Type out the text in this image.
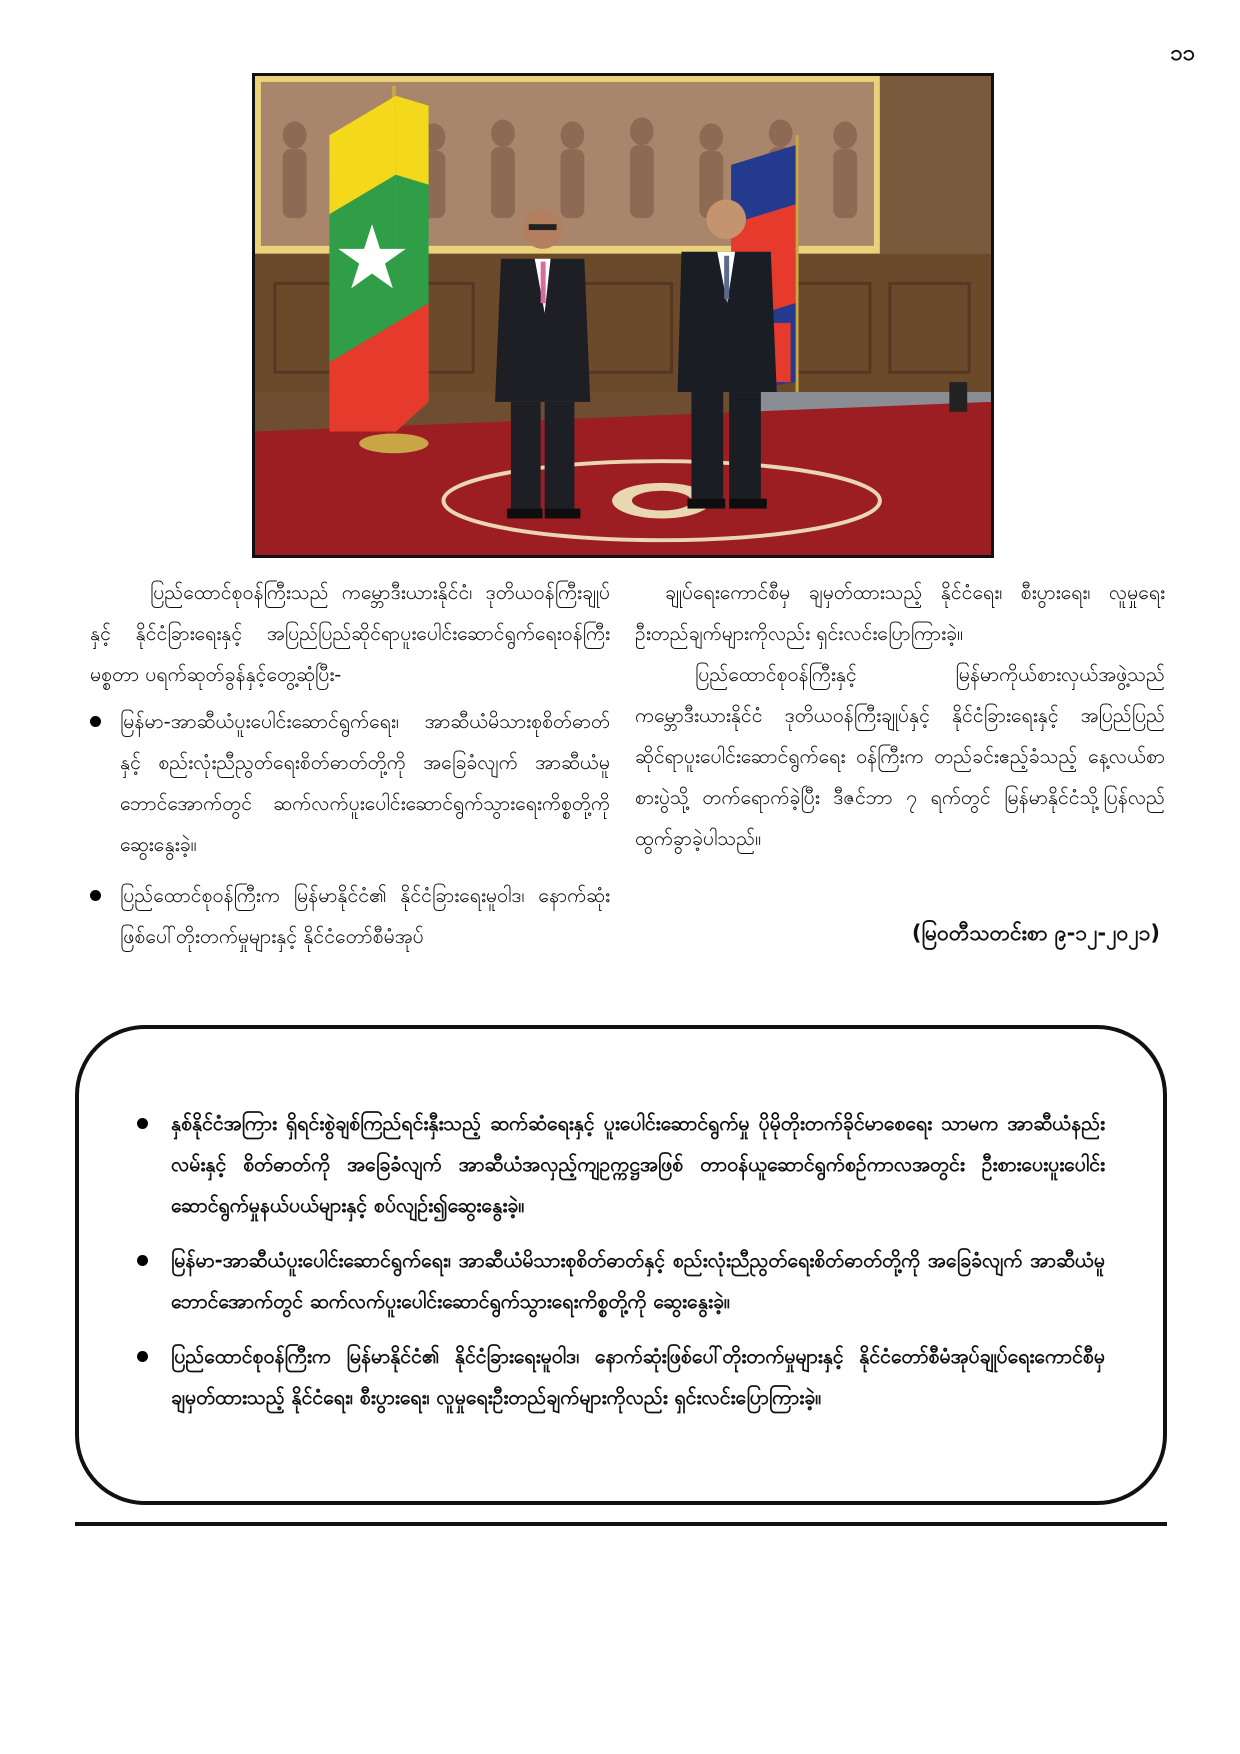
၁၁

ပြည်ထောင်စုဝန်ကြီးသည် ကမ္ဘောဒီးယားနိုင်ငံ၊ ဒုတိယဝန်ကြီးချုပ်နှင့် နိုင်ငံခြားရေးနှင့် အပြည်ပြည်ဆိုင်ရာပူးပေါင်းဆောင်ရွက်ရေးဝန်ကြီး မစ္စတာ ပရက်ဆုတ်ခွန်နှင့်တွေ့ဆုံပြီး-

မြန်မာ-အာဆီယံပူးပေါင်းဆောင်ရွက်ရေး၊ အာဆီယံမိသားစုစိတ်ဓာတ်နှင့် စည်းလုံးညီညွတ်ရေးစိတ်ဓာတ်တို့ကို အခြေခံလျက် အာဆီယံမူဘောင်အောက်တွင် ဆက်လက်ပူးပေါင်းဆောင်ရွက်သွားရေးကိစ္စတို့ကို ဆွေးနွေးခဲ့။
ပြည်ထောင်စုဝန်ကြီးက မြန်မာနိုင်ငံ၏ နိုင်ငံခြားရေးမူဝါဒ၊ နောက်ဆုံးဖြစ်ပေါ်တိုးတက်မှုများနှင့် နိုင်ငံတော်စီမံအုပ်

ချုပ်ရေးကောင်စီမှ ချမှတ်ထားသည့် နိုင်ငံရေး၊ စီးပွားရေး၊ လူမှုရေးဦးတည်ချက်များကိုလည်း ရှင်းလင်းပြောကြားခဲ့။

ပြည်ထောင်စုဝန်ကြီးနှင့် မြန်မာကိုယ်စားလှယ်အဖွဲ့သည် ကမ္ဘောဒီးယားနိုင်ငံ ဒုတိယဝန်ကြီးချုပ်နှင့် နိုင်ငံခြားရေးနှင့် အပြည်ပြည်ဆိုင်ရာပူးပေါင်းဆောင်ရွက်ရေး ဝန်ကြီးက တည်ခင်းဧည့်ခံသည့် နေ့လယ်စာစားပွဲသို့ တက်ရောက်ခဲ့ပြီး ဒီဇင်ဘာ ၇ ရက်တွင် မြန်မာနိုင်ငံသို့ပြန်လည်ထွက်ခွာခဲ့ပါသည်။

(မြဝတီသတင်းစာ ၉-၁၂-၂၀၂၁)
နှစ်နိုင်ငံအကြား ရှိရင်းစွဲချစ်ကြည်ရင်းနှီးသည့် ဆက်ဆံရေးနှင့် ပူးပေါင်းဆောင်ရွက်မှု ပိုမိုတိုးတက်ခိုင်မာစေရေး သာမက အာဆီယံနည်းလမ်းနှင့် စိတ်ဓာတ်ကို အခြေခံလျက် အာဆီယံအလှည့်ကျဥက္ကဋ္ဌအဖြစ် တာဝန်ယူဆောင်ရွက်စဉ်ကာလအတွင်း ဦးစားပေးပူးပေါင်းဆောင်ရွက်မှုနယ်ပယ်များနှင့် စပ်လျဉ်း၍ဆွေးနွေးခဲ့။
မြန်မာ-အာဆီယံပူးပေါင်းဆောင်ရွက်ရေး၊ အာဆီယံမိသားစုစိတ်ဓာတ်နှင့် စည်းလုံးညီညွတ်ရေးစိတ်ဓာတ်တို့ကို အခြေခံလျက် အာဆီယံမူဘောင်အောက်တွင် ဆက်လက်ပူးပေါင်းဆောင်ရွက်သွားရေးကိစ္စတို့ကို ဆွေးနွေးခဲ့။
ပြည်ထောင်စုဝန်ကြီးက မြန်မာနိုင်ငံ၏ နိုင်ငံခြားရေးမူဝါဒ၊ နောက်ဆုံးဖြစ်ပေါ်တိုးတက်မှုများနှင့် နိုင်ငံတော်စီမံအုပ်ချုပ်ရေးကောင်စီမှ ချမှတ်ထားသည့် နိုင်ငံရေး၊ စီးပွားရေး၊ လူမှုရေးဦးတည်ချက်များကိုလည်း ရှင်းလင်းပြောကြားခဲ့။
